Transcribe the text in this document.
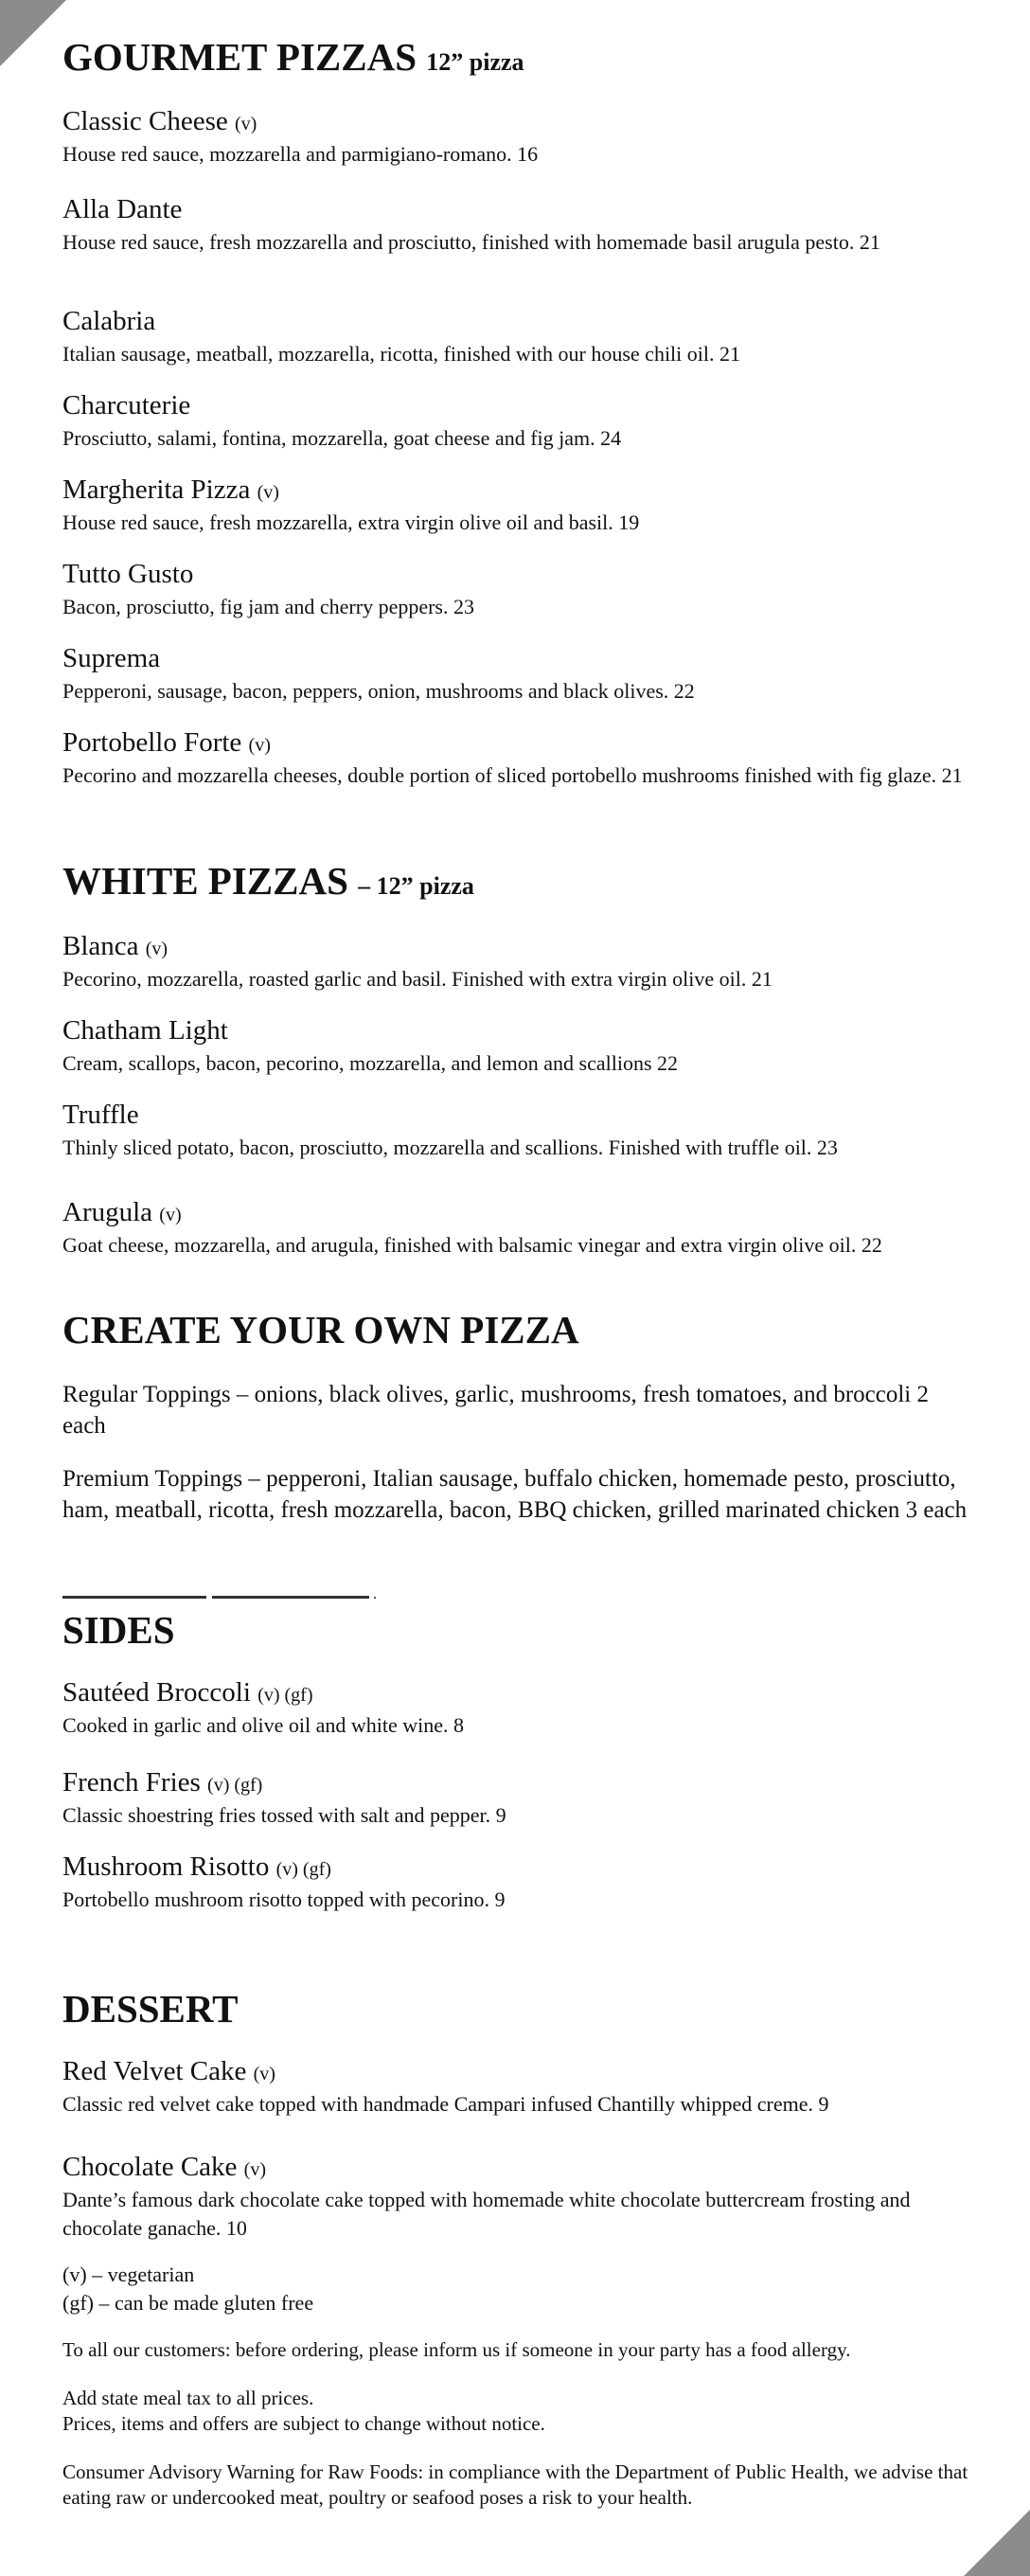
GOURMET PIZZAS 12” pizza

Classic Cheese (v)

House red sauce, mozzarella and parmigiano-romano. 16

Alla Dante

House red sauce, fresh mozzarella and prosciutto, finished with homemade basil arugula pesto. 21

Calabria

Italian sausage, meatball, mozzarella, ricotta, finished with our house chili oil. 21

Charcuterie

Prosciutto, salami, fontina, mozzarella, goat cheese and fig jam. 24

Margherita Pizza (v)

House red sauce, fresh mozzarella, extra virgin olive oil and basil. 19

Tutto Gusto

Bacon, prosciutto, fig jam and cherry peppers. 23

Suprema

Pepperoni, sausage, bacon, peppers, onion, mushrooms and black olives. 22

Portobello Forte (v)

Pecorino and mozzarella cheeses, double portion of sliced portobello mushrooms finished with fig glaze. 21

WHITE PIZZAS – 12” pizza

Blanca (v)

Pecorino, mozzarella, roasted garlic and basil. Finished with extra virgin olive oil. 21

Chatham Light

Cream, scallops, bacon, pecorino, mozzarella, and lemon and scallions 22

Truffle

Thinly sliced potato, bacon, prosciutto, mozzarella and scallions. Finished with truffle oil. 23

Arugula (v)

Goat cheese, mozzarella, and arugula, finished with balsamic vinegar and extra virgin olive oil. 22

CREATE YOUR OWN PIZZA

Regular Toppings – onions, black olives, garlic, mushrooms, fresh tomatoes, and broccoli 2 each

Premium Toppings – pepperoni, Italian sausage, buffalo chicken, homemade pesto, prosciutto, ham, meatball, ricotta, fresh mozzarella, bacon, BBQ chicken, grilled marinated chicken 3 each

SIDES

Sautéed Broccoli (v) (gf)

Cooked in garlic and olive oil and white wine. 8

French Fries (v) (gf)

Classic shoestring fries tossed with salt and pepper. 9

Mushroom Risotto (v) (gf)

Portobello mushroom risotto topped with pecorino. 9

DESSERT

Red Velvet Cake (v)

Classic red velvet cake topped with handmade Campari infused Chantilly whipped creme. 9

Chocolate Cake (v)

Dante’s famous dark chocolate cake topped with homemade white chocolate buttercream frosting and chocolate ganache. 10

(v) – vegetarian

(gf) – can be made gluten free

To all our customers: before ordering, please inform us if someone in your party has a food allergy.

Add state meal tax to all prices.

Prices, items and offers are subject to change without notice.

Consumer Advisory Warning for Raw Foods: in compliance with the Department of Public Health, we advise that eating raw or undercooked meat, poultry or seafood poses a risk to your health.
